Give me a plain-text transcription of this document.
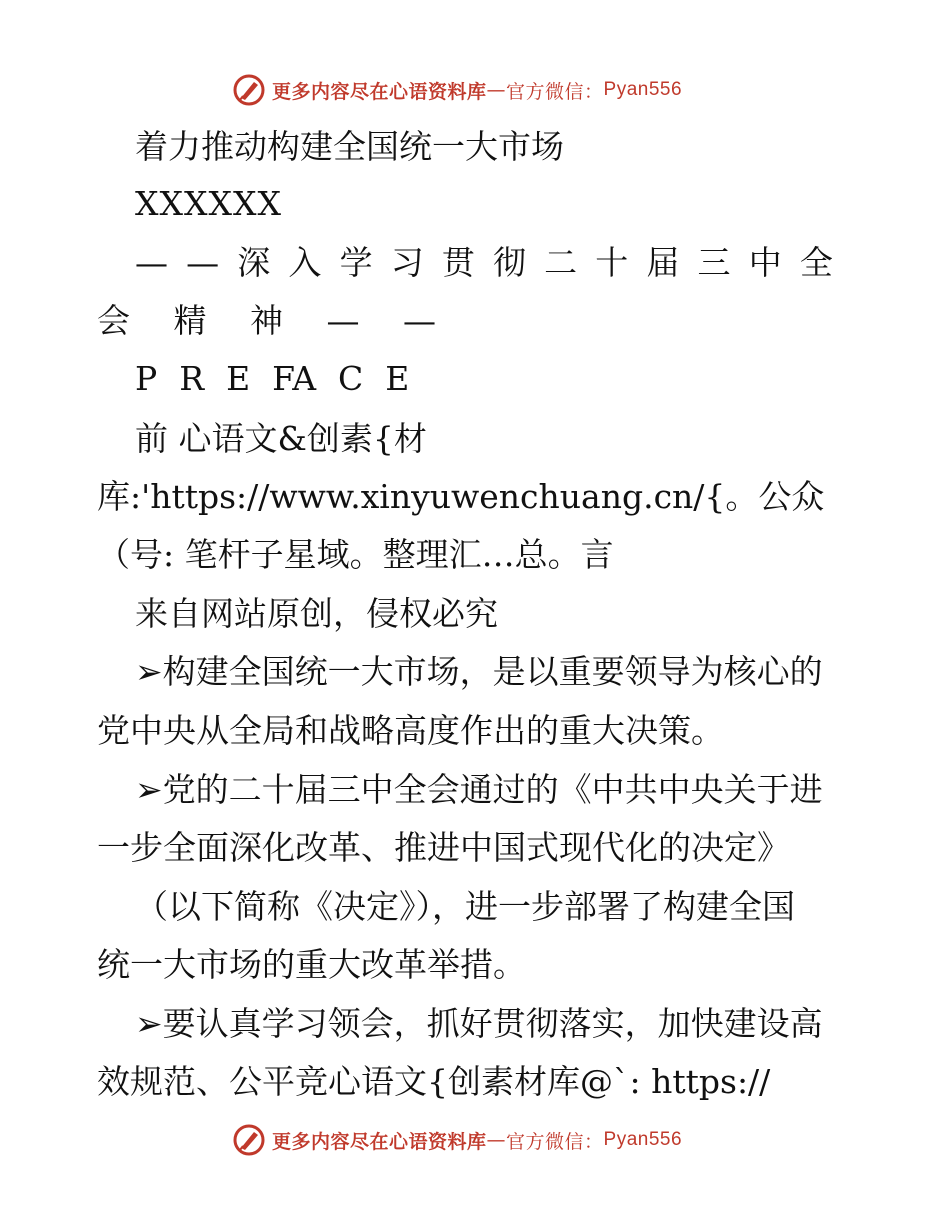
更多内容尽在心语资料库 — 官方微信： Pyan556
着力推动构建全国统一大市场
XXXXXX
— — 深 入 学 习 贯 彻 二 十 届 三 中 全
会 精 神 — —
P R E FA C E
前 心语文&创素{材
库:'https://www.xinyuwenchuang.cn/{。公众
（号: 笔杆子星域。整理汇…总。言
来自网站原创，侵权必究
➢构建全国统一大市场，是以重要领导为核心的
党中央从全局和战略高度作出的重大决策。
➢党的二十届三中全会通过的《中共中央关于进
一步全面深化改革、推进中国式现代化的决定》
（以下简称《决定》），进一步部署了构建全国
统一大市场的重大改革举措。
➢要认真学习领会，抓好贯彻落实，加快建设高
效规范、公平竞心语文{创素材库@`: https://
更多内容尽在心语资料库 — 官方微信： Pyan556
